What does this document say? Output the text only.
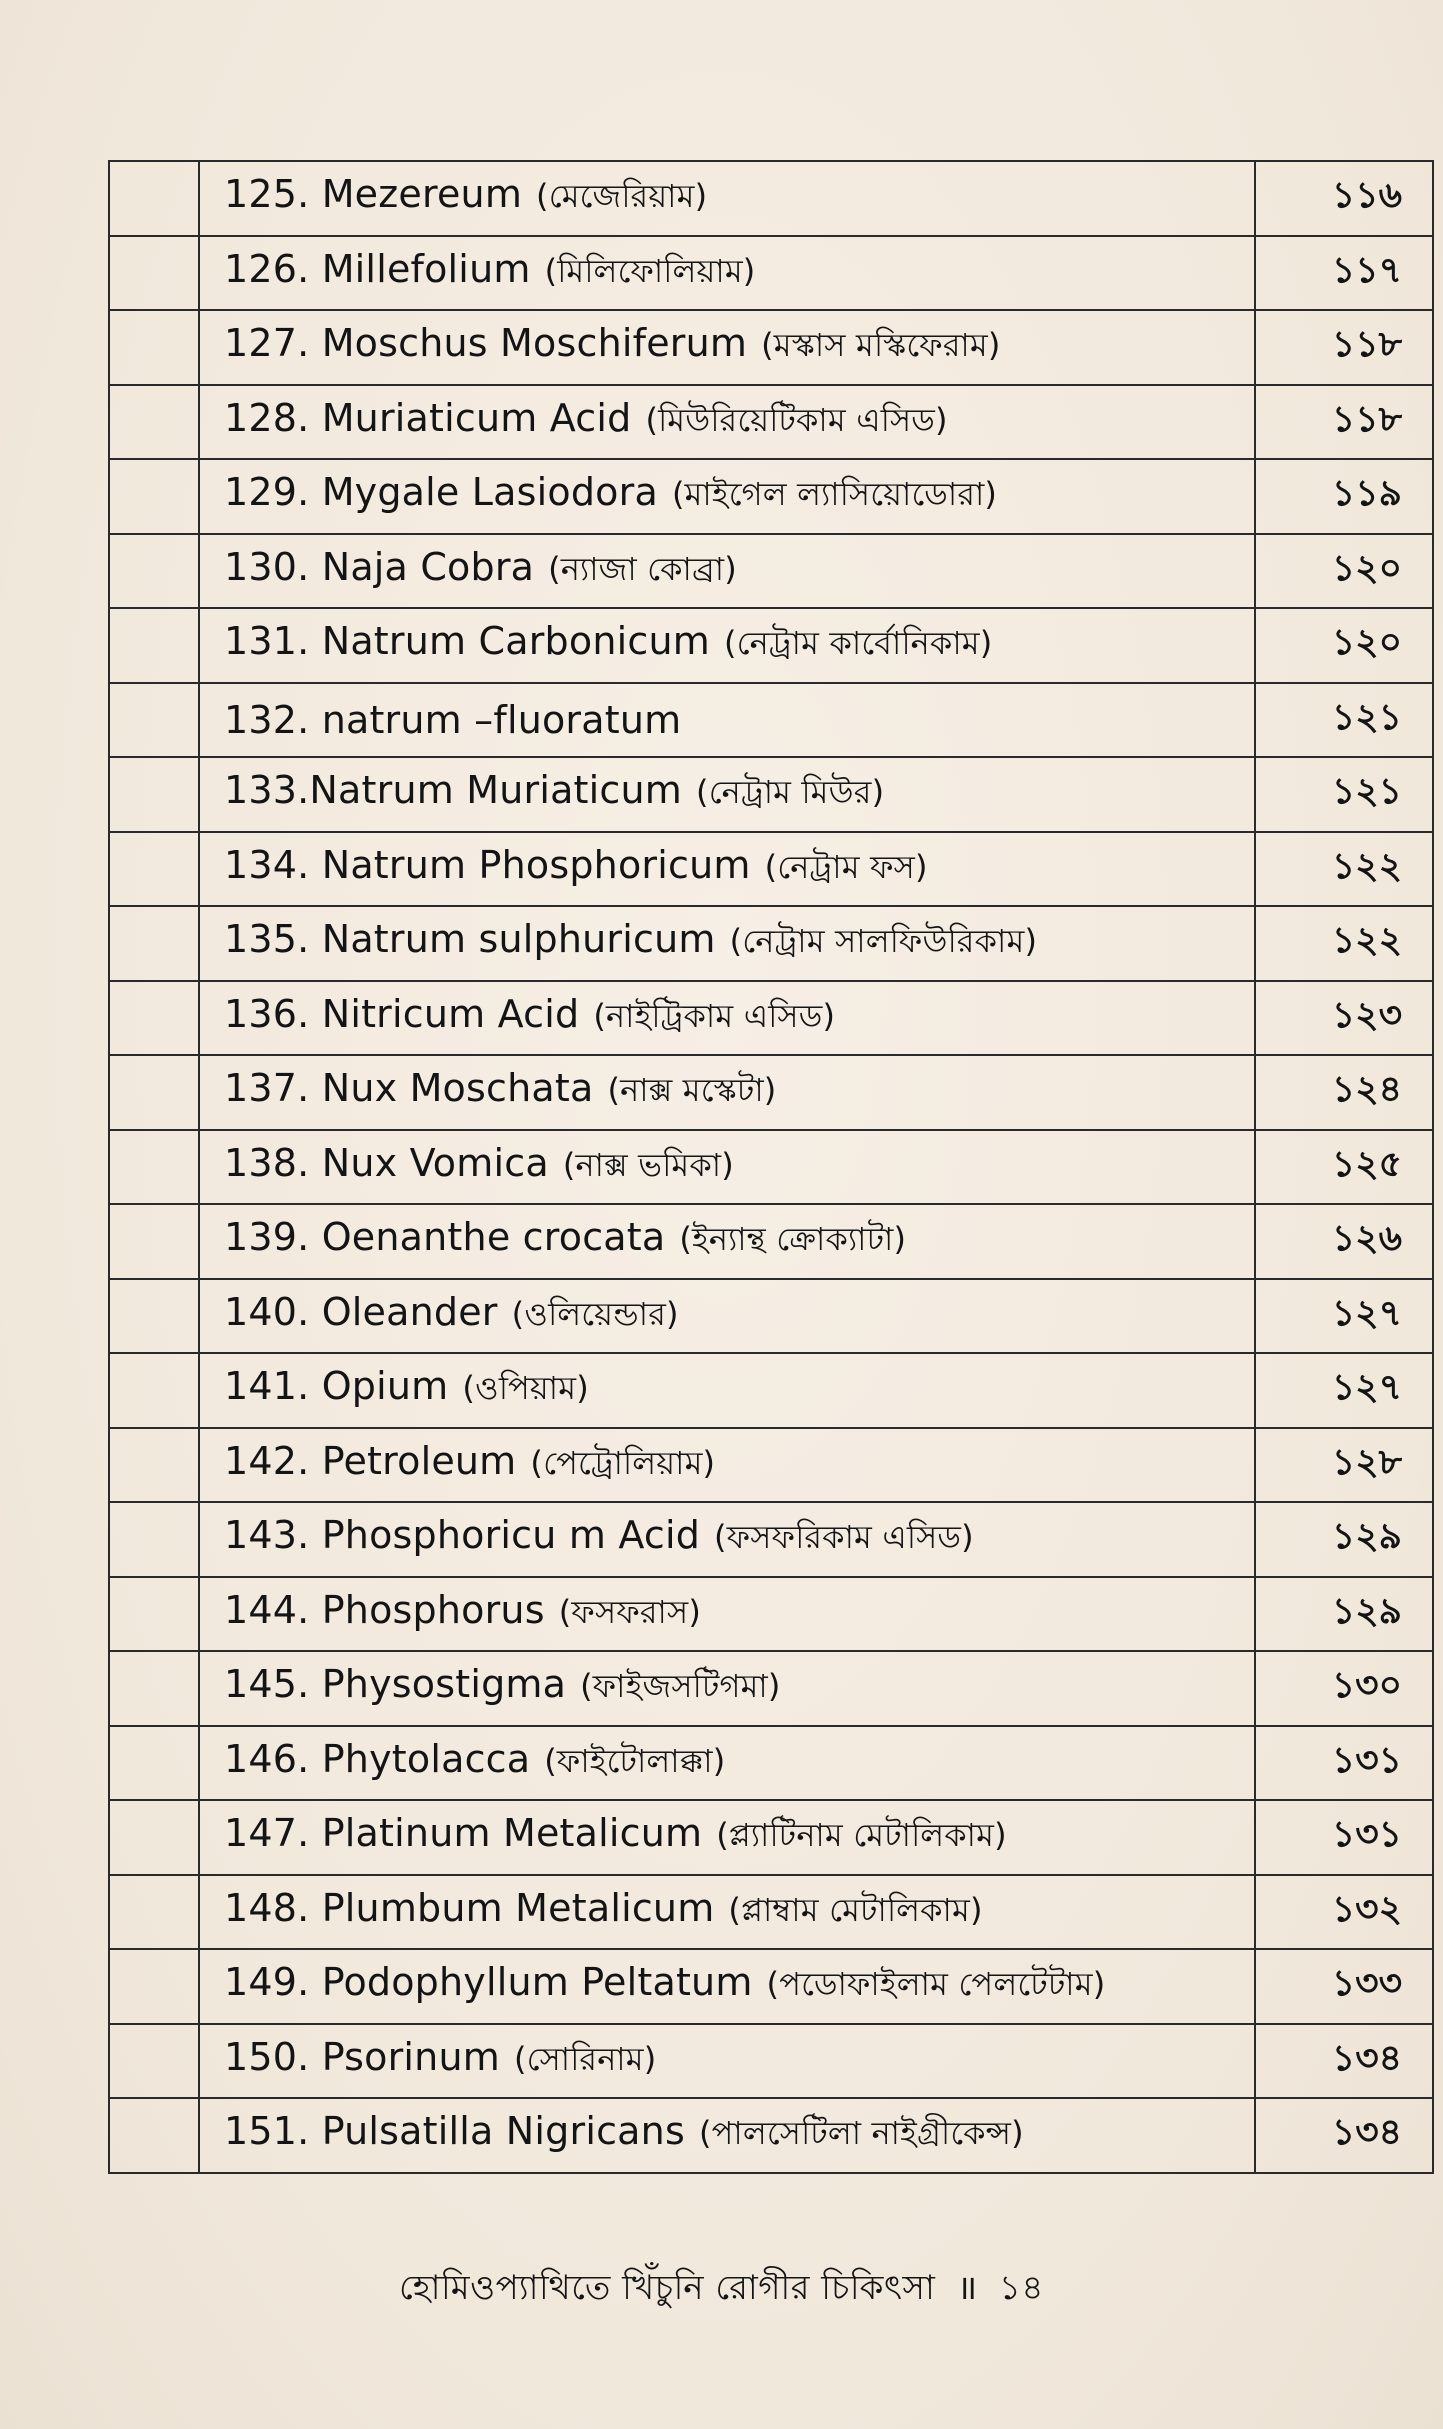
	125. Mezereum (মেজেরিয়াম)	১১৬
	126. Millefolium (মিলিফোলিয়াম)	১১৭
	127. Moschus Moschiferum (মস্কাস মস্কিফেরাম)	১১৮
	128. Muriaticum Acid (মিউরিয়েটিকাম এসিড)	১১৮
	129. Mygale Lasiodora (মাইগেল ল্যাসিয়োডোরা)	১১৯
	130. Naja Cobra (ন্যাজা কোব্রা)	১২০
	131. Natrum Carbonicum (নেট্রাম কার্বোনিকাম)	১২০
	132. natrum –fluoratum	১২১
	133.Natrum Muriaticum (নেট্রাম মিউর)	১২১
	134. Natrum Phosphoricum (নেট্রাম ফস)	১২২
	135. Natrum sulphuricum (নেট্রাম সালফিউরিকাম)	১২২
	136. Nitricum Acid (নাইট্রিকাম এসিড)	১২৩
	137. Nux Moschata (নাক্স মস্কেটা)	১২৪
	138. Nux Vomica (নাক্স ভমিকা)	১২৫
	139. Oenanthe crocata (ইন্যান্থ ক্রোক্যাটা)	১২৬
	140. Oleander (ওলিয়েন্ডার)	১২৭
	141. Opium (ওপিয়াম)	১২৭
	142. Petroleum (পেট্রোলিয়াম)	১২৮
	143. Phosphoricu m Acid (ফসফরিকাম এসিড)	১২৯
	144. Phosphorus (ফসফরাস)	১২৯
	145. Physostigma (ফাইজসটিগমা)	১৩০
	146. Phytolacca (ফাইটোলাক্কা)	১৩১
	147. Platinum Metalicum (প্ল্যাটিনাম মেটালিকাম)	১৩১
	148. Plumbum Metalicum (প্লাম্বাম মেটালিকাম)	১৩২
	149. Podophyllum Peltatum (পডোফাইলাম পেলটেটাম)	১৩৩
	150. Psorinum (সোরিনাম)	১৩৪
	151. Pulsatilla Nigricans (পালসেটিলা নাইগ্রীকেন্স)	১৩৪
হোমিওপ্যাথিতে খিঁচুনি রোগীর চিকিৎসা ॥ ১৪
